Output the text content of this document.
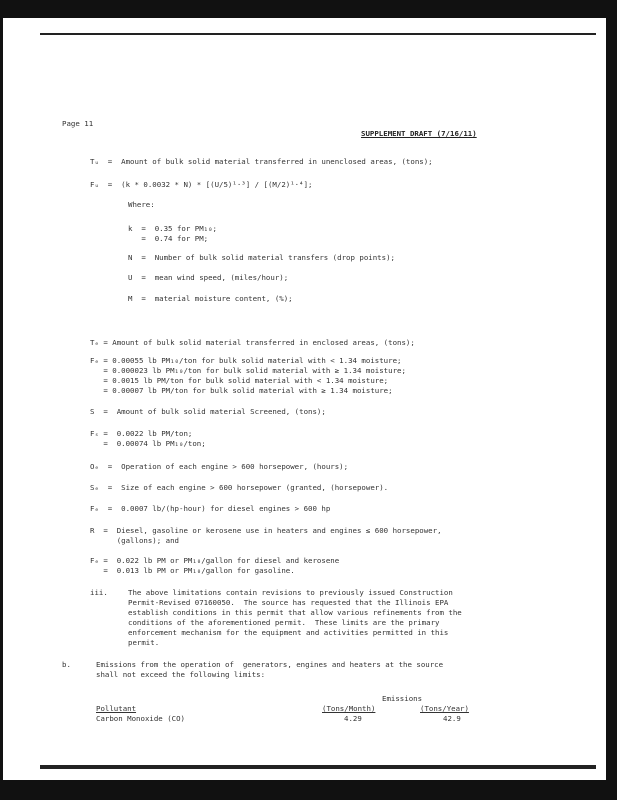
Page 11
SUPPLEMENT DRAFT (7/16/11)
Tᵤ  =  Amount of bulk solid material transferred in unenclosed areas, (tons);
Fᵤ  =  (k * 0.0032 * N) * [(U/5)¹·³] / [(M/2)¹·⁴];
Where:
k  =  0.35 for PM₁₀;
=  0.74 for PM;
N  =  Number of bulk solid material transfers (drop points);
U  =  mean wind speed, (miles/hour);
M  =  material moisture content, (%);
Tₑ = Amount of bulk solid material transferred in enclosed areas, (tons);
Fₑ = 0.00055 lb PM₁₀/ton for bulk solid material with < 1.34 moisture;
= 0.000023 lb PM₁₀/ton for bulk solid material with ≥ 1.34 moisture;
= 0.0015 lb PM/ton for bulk solid material with < 1.34 moisture;
= 0.00007 lb PM/ton for bulk solid material with ≥ 1.34 moisture;
S  =  Amount of bulk solid material Screened, (tons);
Fₛ =  0.0022 lb PM/ton;
=  0.00074 lb PM₁₀/ton;
Oₑ  =  Operation of each engine > 600 horsepower, (hours);
Sₑ  =  Size of each engine > 600 horsepower (granted, (horsepower).
Fₑ  =  0.0007 lb/(hp-hour) for diesel engines > 600 hp
R  =  Diesel, gasoline or kerosene use in heaters and engines ≤ 600 horsepower,
(gallons); and
Fₑ =  0.022 lb PM or PM₁₀/gallon for diesel and kerosene
=  0.013 lb PM or PM₁₀/gallon for gasoline.
iii.	The above limitations contain revisions to previously issued Construction
Permit-Revised 07160050.  The source has requested that the Illinois EPA
establish conditions in this permit that allow various refinements from the
conditions of the aforementioned permit.  These limits are the primary
enforcement mechanism for the equipment and activities permitted in this
permit.
b.	Emissions from the operation of  generators, engines and heaters at the source
shall not exceed the following limits:
Emissions
Pollutant	(Tons/Month)	(Tons/Year)
Carbon Monoxide (CO)	4.29	42.9
